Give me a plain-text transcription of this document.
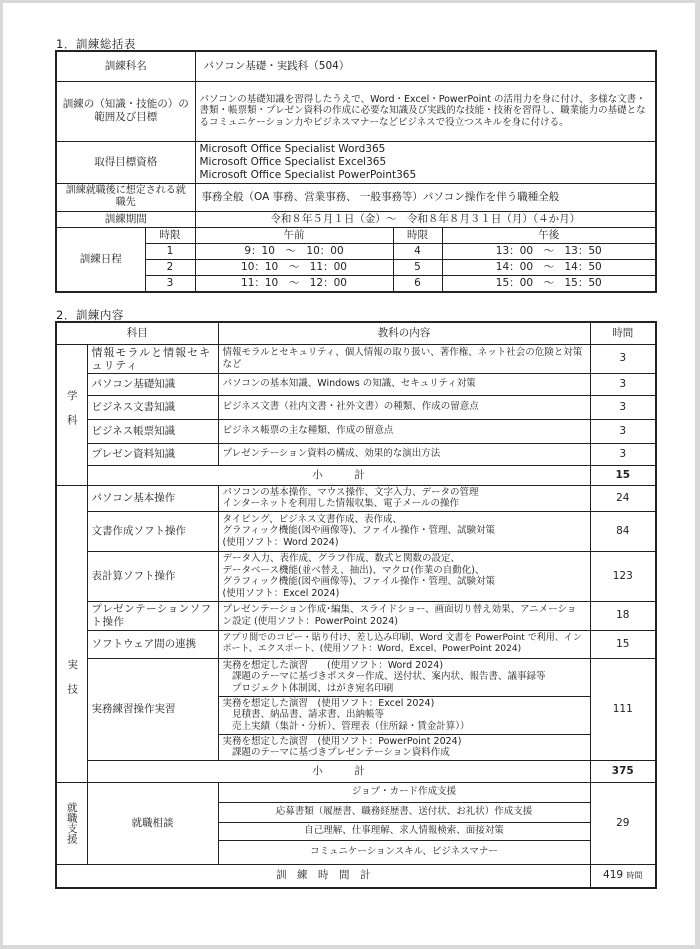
1．訓練総括表
訓練科名		パソコン基礎・実践科（504）		
訓練の（知識・技能の）の範囲及び目標		パソコンの基礎知識を習得したうえで、Word・Excel・PowerPoint の活用力を身に付け、多様な文書・書類・帳票類・プレゼン資料の作成に必要な知識及び実践的な技能・技術を習得し、職業能力の基礎となるコミュニケーション力やビジネスマナーなどビジネスで役立つスキルを身に付ける。		
取得目標資格		Microsoft Office Specialist Word365
Microsoft Office Specialist Excel365
Microsoft Office Specialist PowerPoint365		

訓練就職後に想定される就職先		事務全般（OA 事務、営業事務、 一般事務等）パソコン操作を伴う職種全般		
訓練期間		令和８年５月１日（金）～　令和８年８月３１日（月）（４か月）		
訓練日程	時限	午前	時限	午後
	1	9：10　～　10：00	4	13：00　～　13：50
	2	10：10　～　11：00	5	14：00　～　14：50
	3	11：10　～　12：00	6	15：00　～　15：50
2．訓練内容
科目		教科の内容	時間
学科	情報モラルと情報セキュリティ	情報モラルとセキュリティ、個人情報の取り扱い、著作権、ネット社会の危険と対策など	3
	パソコン基礎知識	パソコンの基本知識、Windows の知識、セキュリティ対策	3
	ビジネス文書知識	ビジネス文書（社内文書・社外文書）の種類、作成の留意点	3
	ビジネス帳票知識	ビジネス帳票の主な種類、作成の留意点	3
	プレゼン資料知識	プレゼンテーション資料の構成、効果的な演出方法	3
	小　　　計		15
実技	パソコン基本操作	パソコンの基本操作、マウス操作、文字入力、データの管理
インターネットを利用した情報収集、電子メールの操作	24
	文書作成ソフト操作	タイピング、ビジネス文書作成、表作成、
グラフィック機能(図や画像等)、ファイル操作・管理、試験対策
(使用ソフト：Word 2024)	84
	表計算ソフト操作	データ入力、表作成、グラフ作成、数式と関数の設定、
データベース機能(並べ替え、抽出)、マクロ(作業の自動化)、
グラフィック機能(図や画像等)、ファイル操作・管理、試験対策
(使用ソフト：Excel 2024)	123
	プレゼンテーションソフト操作	プレゼンテーション作成･編集、スライドショー、画面切り替え効果、アニメーション設定 (使用ソフト：PowerPoint 2024)	18
	ソフトウェア間の連携	アプリ間でのコピー・貼り付け、差し込み印刷、Word 文書を PowerPoint で利用、インポート、エクスポート、(使用ソフト：Word、Excel、PowerPoint 2024)	15
	実務練習操作実習	実務を想定した演習　　(使用ソフト：Word 2024)
　課題のテーマに基づきポスター作成、送付状、案内状、報告書、議事録等
　プロジェクト体制図、はがき宛名印刷	111

		実務を想定した演習　(使用ソフト：Excel 2024)
　見積書、納品書、請求書、出納帳等
　売上実績（集計・分析）、管理表（住所録・賃金計算））	

		実務を想定した演習　(使用ソフト：PowerPoint 2024)
　課題のテーマに基づきプレゼンテーション資料作成	

	小　　　計		375
就職支援	就職相談	ジョブ・カード作成支援	29
		応募書類（履歴書、職務経歴書、送付状、お礼状）作成支援	
		自己理解、仕事理解、求人情報検索、面接対策	
		コミュニケーションスキル、ビジネスマナー	
訓　練　時　間　計			419 時間
